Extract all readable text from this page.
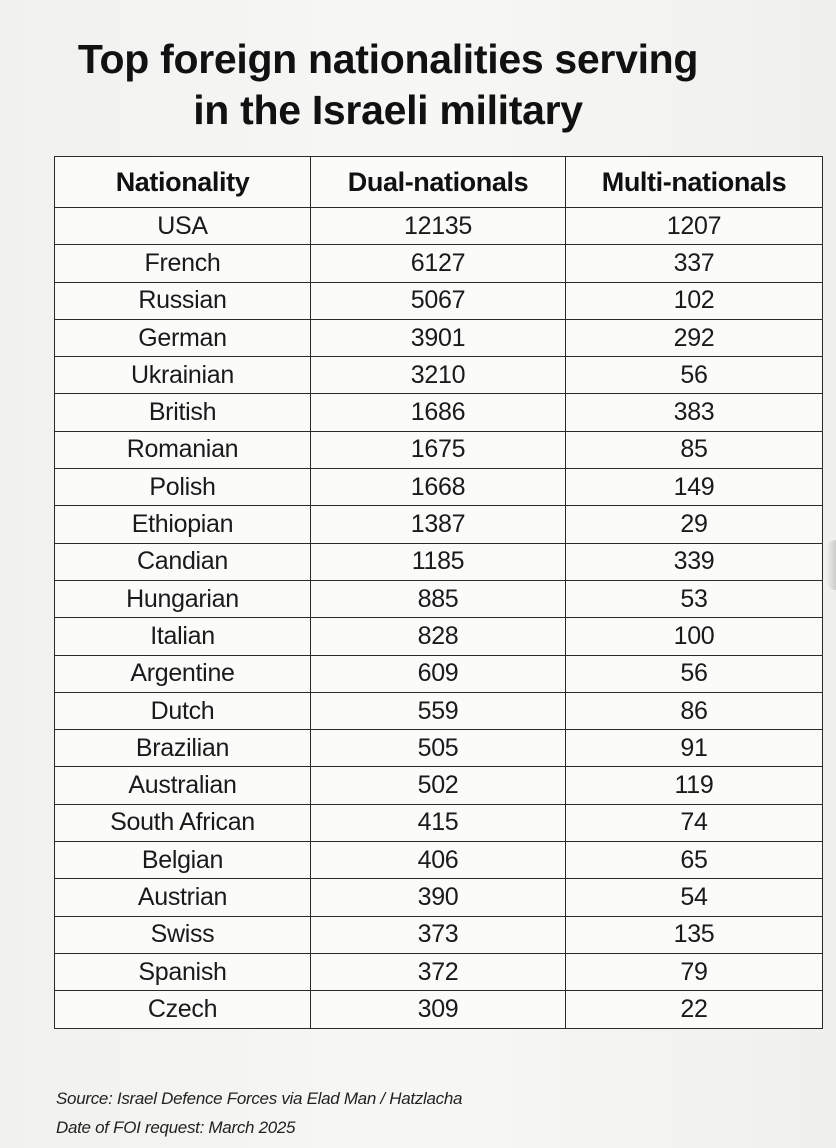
Top foreign nationalities serving
in the Israeli military
Nationality	Dual-nationals	Multi-nationals
USA	12135	1207
French	6127	337
Russian	5067	102
German	3901	292
Ukrainian	3210	56
British	1686	383
Romanian	1675	85
Polish	1668	149
Ethiopian	1387	29
Candian	1185	339
Hungarian	885	53
Italian	828	100
Argentine	609	56
Dutch	559	86
Brazilian	505	91
Australian	502	119
South African	415	74
Belgian	406	65
Austrian	390	54
Swiss	373	135
Spanish	372	79
Czech	309	22
Source: Israel Defence Forces via Elad Man / Hatzlacha
Date of FOI request: March 2025
